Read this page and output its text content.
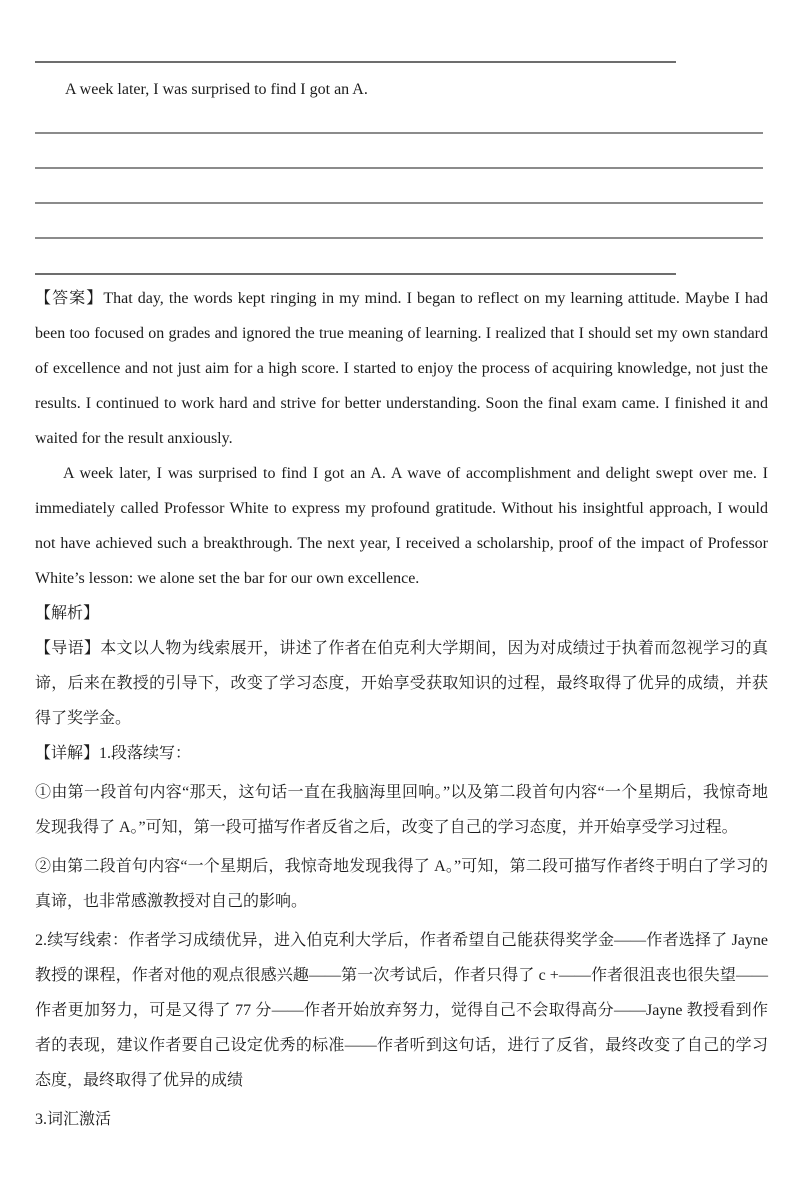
A week later, I was surprised to find I got an A.

【答案】That day, the words kept ringing in my mind. I began to reflect on my learning attitude. Maybe I had been too focused on grades and ignored the true meaning of learning. I realized that I should set my own standard of excellence and not just aim for a high score. I started to enjoy the process of acquiring knowledge, not just the results. I continued to work hard and strive for better understanding. Soon the final exam came. I finished it and waited for the result anxiously.

A week later, I was surprised to find I got an A. A wave of accomplishment and delight swept over me. I immediately called Professor White to express my profound gratitude. Without his insightful approach, I would not have achieved such a breakthrough. The next year, I received a scholarship, proof of the impact of Professor White’s lesson: we alone set the bar for our own excellence.

【解析】

【导语】本文以人物为线索展开，讲述了作者在伯克利大学期间，因为对成绩过于执着而忽视学习的真谛，后来在教授的引导下，改变了学习态度，开始享受获取知识的过程，最终取得了优异的成绩，并获得了奖学金。

【详解】1.段落续写：

①由第一段首句内容“那天，这句话一直在我脑海里回响。”以及第二段首句内容“一个星期后，我惊奇地发现我得了 A。”可知，第一段可描写作者反省之后，改变了自己的学习态度，并开始享受学习过程。

②由第二段首句内容“一个星期后，我惊奇地发现我得了 A。”可知，第二段可描写作者终于明白了学习的真谛，也非常感激教授对自己的影响。

2.续写线索：作者学习成绩优异，进入伯克利大学后，作者希望自己能获得奖学金——作者选择了 Jayne 教授的课程，作者对他的观点很感兴趣——第一次考试后，作者只得了 c +——作者很沮丧也很失望——作者更加努力，可是又得了 77 分——作者开始放弃努力，觉得自己不会取得高分——Jayne 教授看到作者的表现，建议作者要自己设定优秀的标准——作者听到这句话，进行了反省，最终改变了自己的学习态度，最终取得了优异的成绩

3.词汇激活
